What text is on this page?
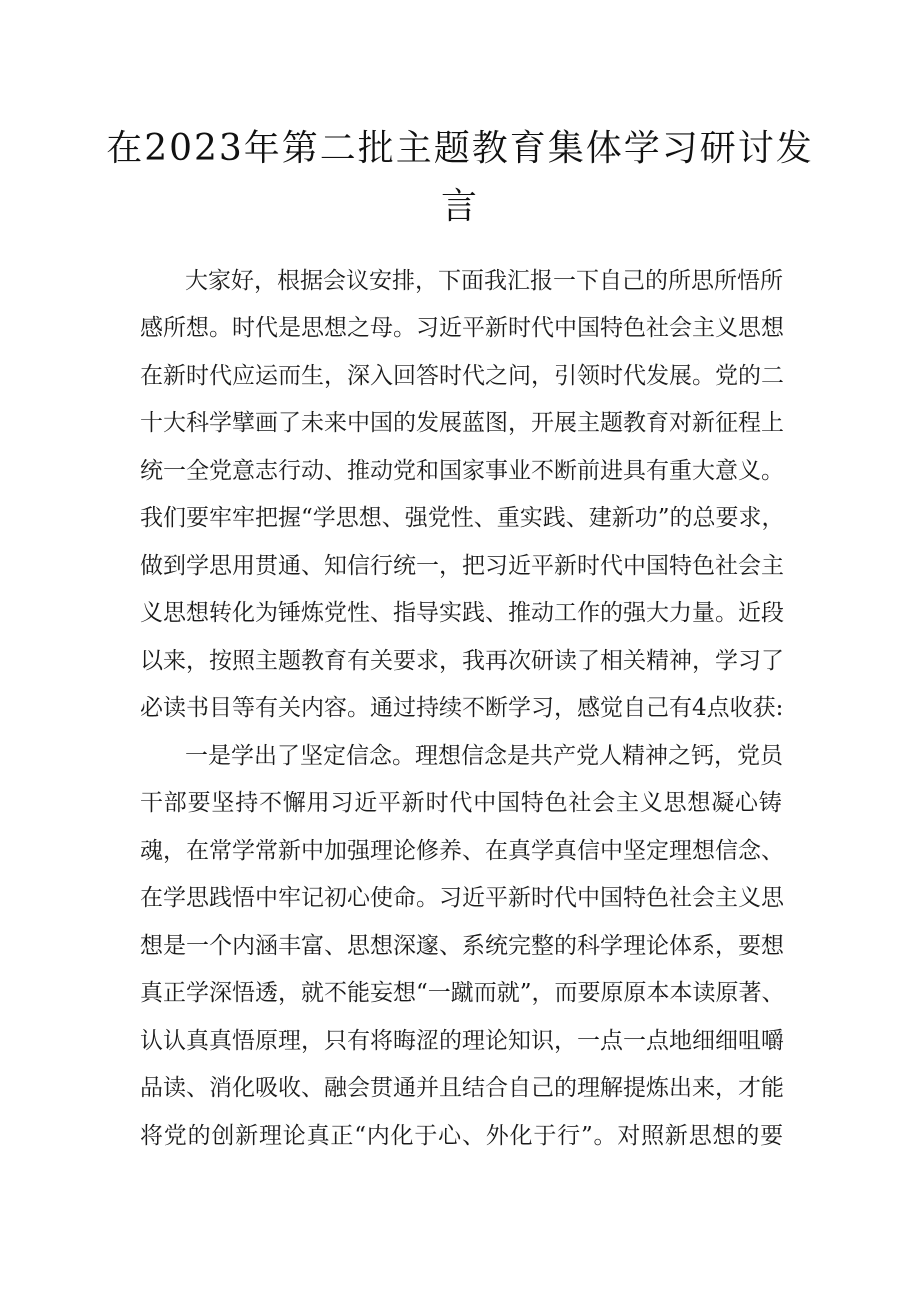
在2023年第二批主题教育集体学习研讨发
言
大家好，根据会议安排，下面我汇报一下自己的所思所悟所
感所想。时代是思想之母。习近平新时代中国特色社会主义思想
在新时代应运而生，深入回答时代之问，引领时代发展。党的二
十大科学擘画了未来中国的发展蓝图，开展主题教育对新征程上
统一全党意志行动、推动党和国家事业不断前进具有重大意义。
我们要牢牢把握“学思想、强党性、重实践、建新功”的总要求，
做到学思用贯通、知信行统一，把习近平新时代中国特色社会主
义思想转化为锤炼党性、指导实践、推动工作的强大力量。近段
以来，按照主题教育有关要求，我再次研读了相关精神，学习了
必读书目等有关内容。通过持续不断学习，感觉自己有4点收获:
一是学出了坚定信念。理想信念是共产党人精神之钙，党员
干部要坚持不懈用习近平新时代中国特色社会主义思想凝心铸
魂，在常学常新中加强理论修养、在真学真信中坚定理想信念、
在学思践悟中牢记初心使命。习近平新时代中国特色社会主义思
想是一个内涵丰富、思想深邃、系统完整的科学理论体系，要想
真正学深悟透，就不能妄想“一蹴而就”，而要原原本本读原著、
认认真真悟原理，只有将晦涩的理论知识，一点一点地细细咀嚼
品读、消化吸收、融会贯通并且结合自己的理解提炼出来，才能
将党的创新理论真正“内化于心、外化于行”。对照新思想的要
